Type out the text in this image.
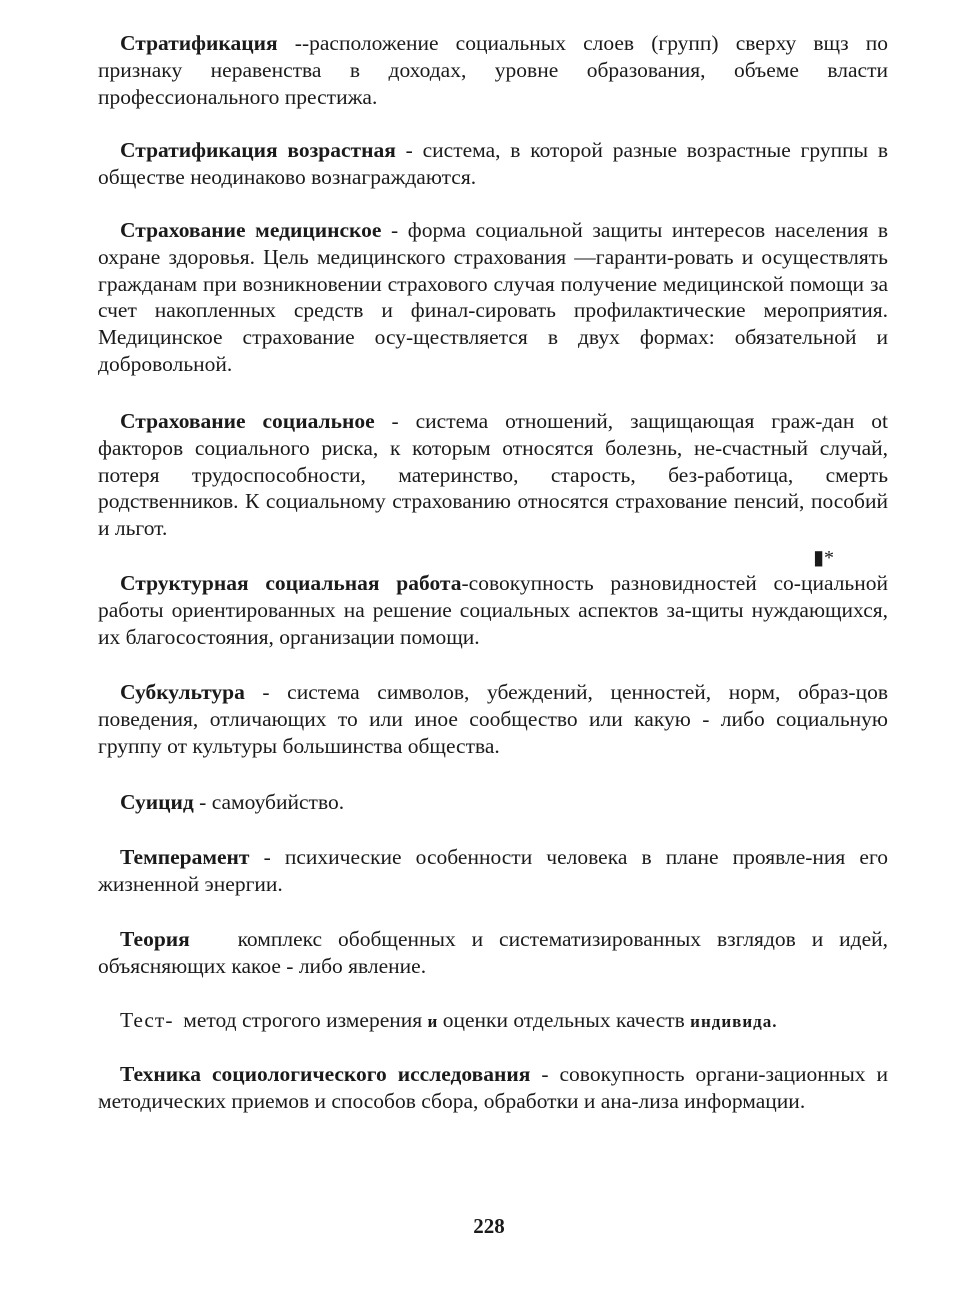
Стратификация --расположение социальных слоев (групп) сверху вщз по признаку неравенства в доходах, уровне образования, объеме власти профессионального престижа.

Стратификация возрастная - система, в которой разные возрастные группы в обществе неодинаково вознаграждаются.

Страхование медицинское - форма социальной защиты интересов населения в охране здоровья. Цель медицинского страхования —гаранти-ровать и осуществлять гражданам при возникновении страхового случая получение медицинской помощи за счет накопленных средств и финал-сировать профилактические мероприятия. Медицинское страхование осу-ществляется в двух формах: обязательной и добровольной.

Страхование социальное - система отношений, защищающая граж-дан ot факторов социального риска, к которым относятся болезнь, не-счастный случай, потеря трудоспособности, материнство, старость, без-работица, смерть родственников. К социальному страхованию относятся страхование пенсий, пособий и льгот.

▮*

Структурная социальная работа-совокупность разновидностей со-циальной работы ориентированных на решение социальных аспектов за-щиты нуждающихся, их благосостояния, организации помощи.

Субкультура - система символов, убеждений, ценностей, норм, образ-цов поведения, отличающих то или иное сообщество или какую - либо социальную группу от культуры большинства общества.

Суицид - самоубийство.

Темперамент - психические особенности человека в плане проявле-ния его жизненной энергии.

Теория комплекс обобщенных и систематизированных взглядов и идей, объясняющих какое - либо явление.

Тест-  метод строгого измерения и оценки отдельных качеств индивида.

Техника социологического исследования - совокупность органи-зационных и методических приемов и способов сбора, обработки и ана-лиза информации.

228
